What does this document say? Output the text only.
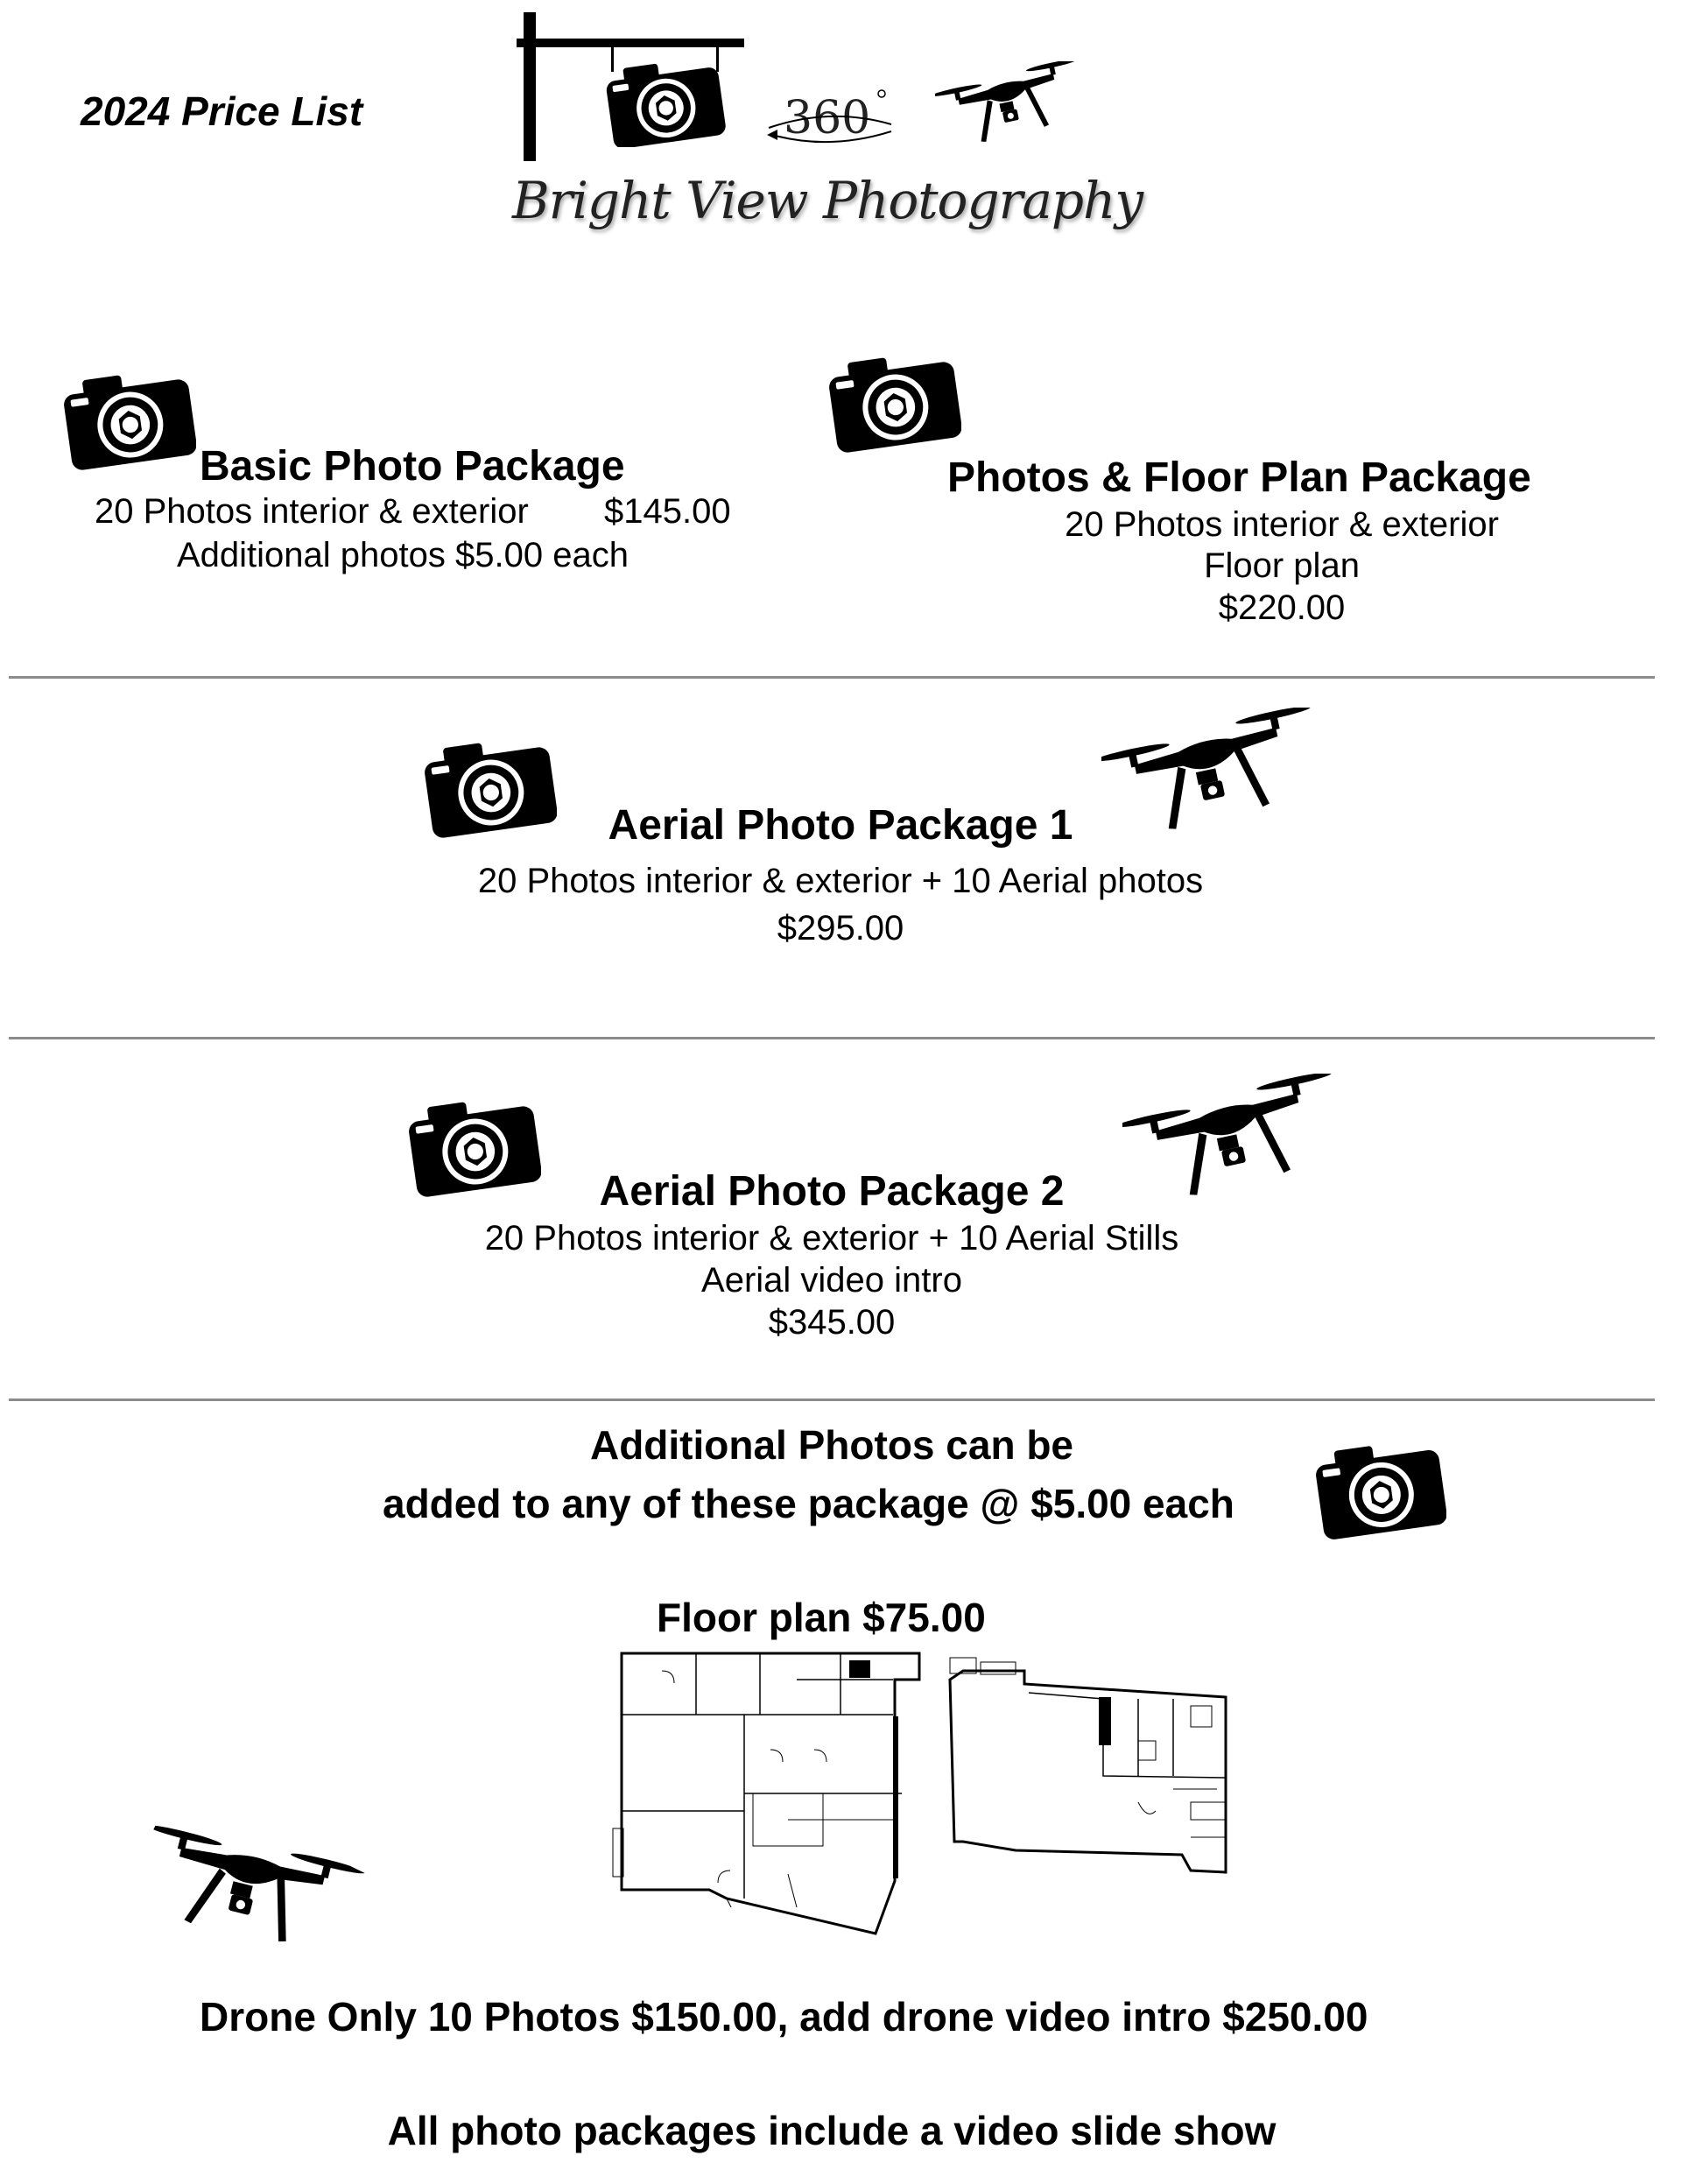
2024 Price List	360
Bright View Photography
Basic Photo Package
20 Photos interior & exterior $145.00
Additional photos $5.00 each
Photos & Floor Plan Package
20 Photos interior & exterior
Floor plan
$220.00
Aerial Photo Package 1
20 Photos interior & exterior + 10 Aerial photos
$295.00
Aerial Photo Package 2
20 Photos interior & exterior + 10 Aerial Stills
Aerial video intro
$345.00
Additional Photos can be
added to any of these package @ $5.00 each
Floor plan $75.00
Drone Only 10 Photos $150.00, add drone video intro $250.00
All photo packages include a video slide show
